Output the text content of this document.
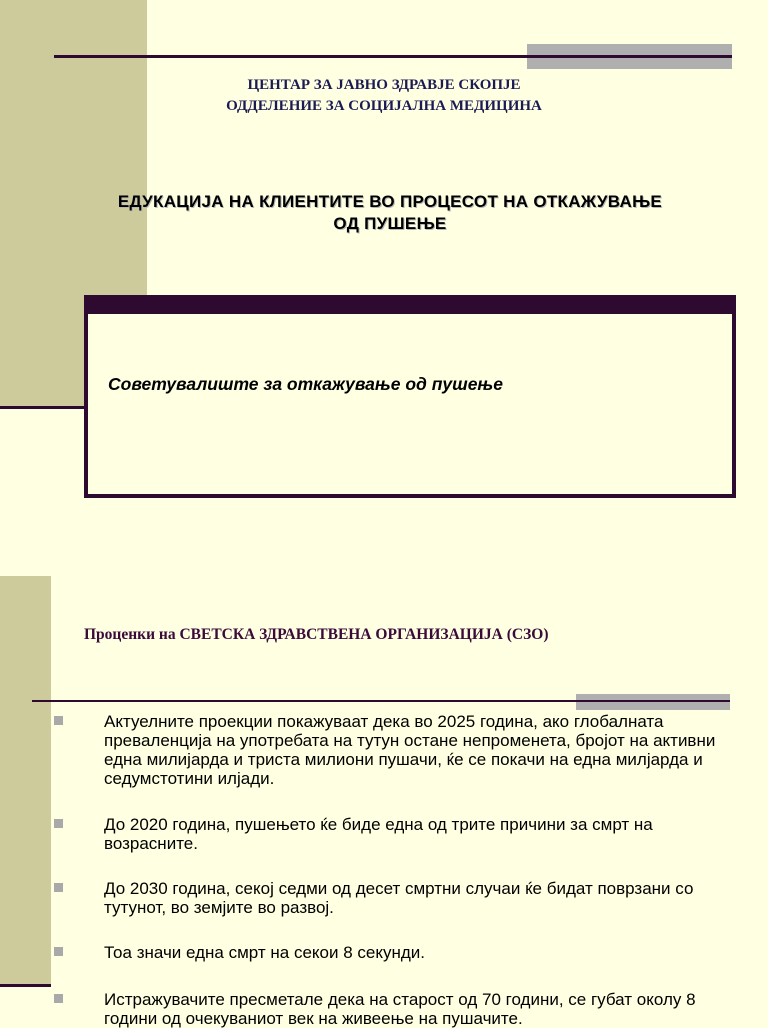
ЦЕНТАР ЗА ЈАВНО ЗДРАВЈЕ СКОПЈЕ
ОДДЕЛЕНИЕ ЗА СОЦИЈАЛНА МЕДИЦИНА
ЕДУКАЦИЈА НА КЛИЕНТИТЕ ВО ПРОЦЕСОТ НА ОТКАЖУВАЊЕ
ОД ПУШЕЊЕ
Советувалиште за откажување од пушење
Проценки на СВЕТСКА ЗДРАВСТВЕНА ОРГАНИЗАЦИЈА (СЗО)
Актуелните проекции покажуваат дека во 2025 година, ако глобалната преваленција на употребата на тутун остане непроменета, бројот на активни една милијарда и триста милиони пушачи, ќе се покачи на една милјарда и седумстотини илјади.
До 2020 година, пушењето ќе биде една од трите причини за смрт на возрасните.
До 2030 година, секој седми од десет смртни случаи ќе бидат поврзани со тутунот, во земјите во развој.
Тоа значи една смрт на секои 8 секунди.
Истражувачите пресметале дека на старост од 70 години, се губат околу 8 години од очекуваниот век на живеење на пушачите.
